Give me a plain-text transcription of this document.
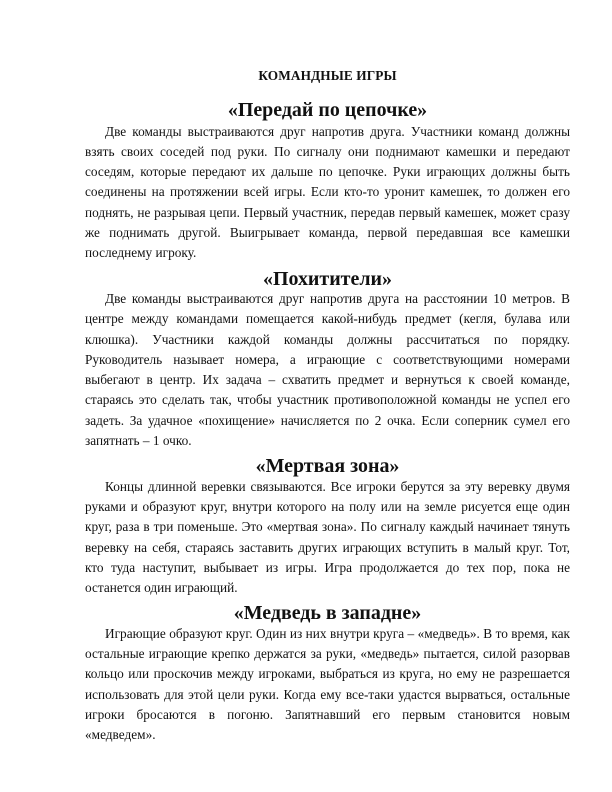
КОМАНДНЫЕ ИГРЫ
«Передай по цепочке»

Две команды выстраиваются друг напротив друга. Участники команд должны взять своих соседей под руки. По сигналу они поднимают камешки и передают соседям, которые передают их дальше по цепочке. Руки играющих должны быть соединены на протяжении всей игры. Если кто-то уронит камешек, то должен его поднять, не разрывая цепи. Первый участник, передав первый камешек, может сразу же поднимать другой. Выигрывает команда, первой передавшая все камешки последнему игроку.

«Похитители»

Две команды выстраиваются друг напротив друга на расстоянии 10 метров. В центре между командами помещается какой-нибудь предмет (кегля, булава или клюшка). Участники каждой команды должны рассчитаться по порядку. Руководитель называет номера, а играющие с соответствующими номерами выбегают в центр. Их задача – схватить предмет и вернуться к своей команде, стараясь это сделать так, чтобы участник противоположной команды не успел его задеть. За удачное «похищение» начисляется по 2 очка. Если соперник сумел его запятнать – 1 очко.

«Мертвая зона»

Концы длинной веревки связываются. Все игроки берутся за эту веревку двумя руками и образуют круг, внутри которого на полу или на земле рисуется еще один круг, раза в три поменьше. Это «мертвая зона». По сигналу каждый начинает тянуть веревку на себя, стараясь заставить других играющих вступить в малый круг. Тот, кто туда наступит, выбывает из игры. Игра продолжается до тех пор, пока не останется один играющий.

«Медведь в западне»

Играющие образуют круг. Один из них внутри круга – «медведь». В то время, как остальные играющие крепко держатся за руки, «медведь» пытается, силой разорвав кольцо или проскочив между игроками, выбраться из круга, но ему не разрешается использовать для этой цели руки. Когда ему все-таки удастся вырваться, остальные игроки бросаются в погоню. Запятнавший его первым становится новым «медведем».
